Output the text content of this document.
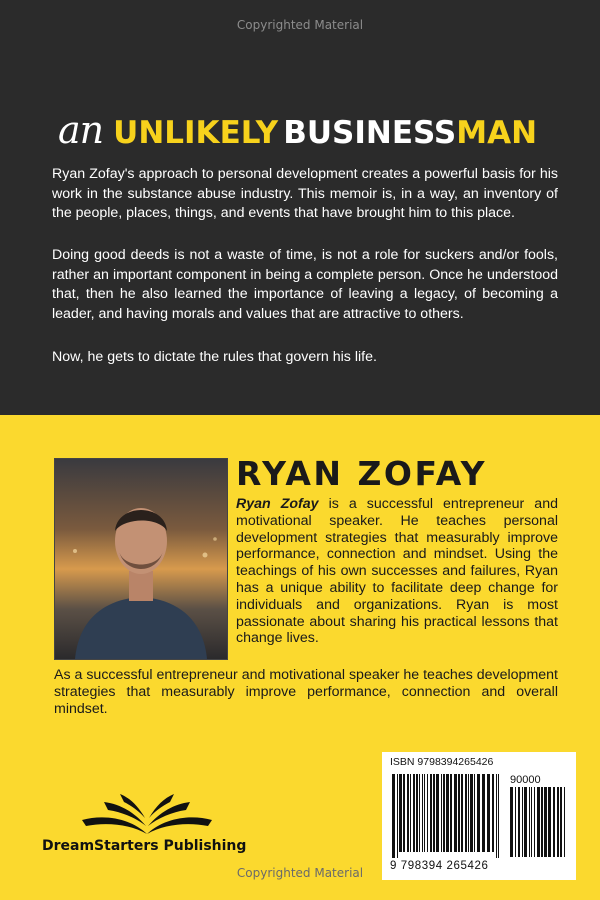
Copyrighted Material
an UNLIKELY BUSINESSMAN
Ryan Zofay's approach to personal development creates a powerful basis for his work in the substance abuse industry. This memoir is, in a way, an inventory of the people, places, things, and events that have brought him to this place.
Doing good deeds is not a waste of time, is not a role for suckers and/or fools, rather an important component in being a complete person. Once he understood that, then he also learned the importance of leaving a legacy, of becoming a leader, and having morals and values that are attractive to others.
Now, he gets to dictate the rules that govern his life.
RYAN ZOFAY
Ryan Zofay is a successful entrepreneur and motivational speaker. He teaches personal development strategies that measurably improve performance, connection and mindset. Using the teachings of his own successes and failures, Ryan has a unique ability to facilitate deep change for individuals and organizations. Ryan is most passionate about sharing his practical lessons that change lives.
As a successful entrepreneur and motivational speaker he teaches development strategies that measurably improve performance, connection and overall mindset.
DreamStarters Publishing
ISBN 9798394265426
90000
9 798394 265426
Copyrighted Material
